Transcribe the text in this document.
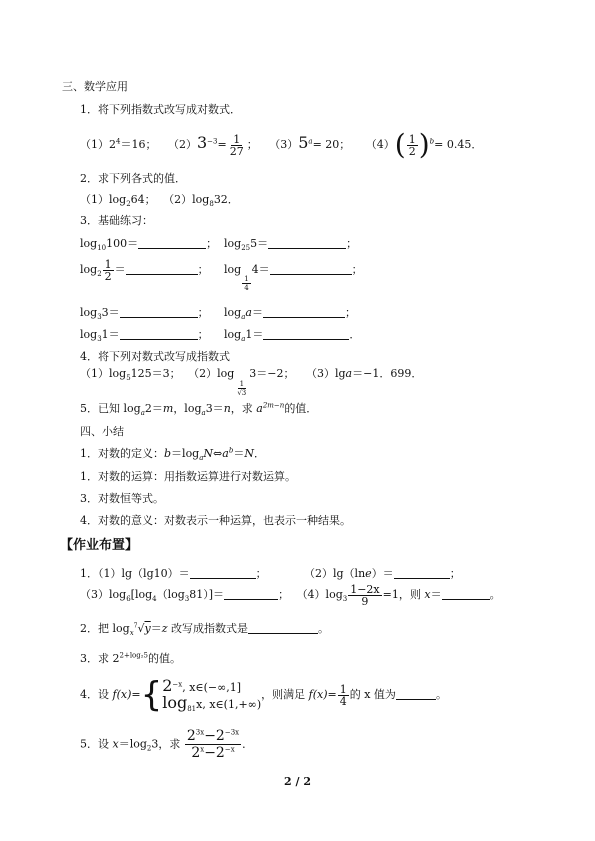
三、数学应用
1．将下列指数式改写成对数式．
$(1)2^4=16$； $(2)3^{-3}= \frac{1}{27}$ ； $(3)5^a= 20$； $(4)( \frac{1}{2} )^b= 0.45$．
2．求下列各式的值．
$(1)\log_264$； $(2)\log_832$．
3．基础练习：
$\log_{10}100=$	； $\log_{25}5=$	；
$\log_2 \frac{1}{2}$ ＝	； log
$\frac{1}{4}$
4＝	；
$\log_33=$	； $\log_aa=$	；
$\log_31=$	； $\log_a1=$	．
4．将下列对数式改写成指数式
$(1)\log_5125=3$； （2）log
$\frac{1}{√3}$
3＝−2； （3）lga＝−1．699．
5．已知 $\log_a2=m$，$\log_a3=n$，求 $a^{2m-n}$的值．
四、小结
1．对数的定义：$b=\log_aN\Leftrightarrow a^b=N$．
1．对数的运算：用指数运算进行对数运算。
3．对数恒等式。
4．对数的意义：对数表示一种运算，也表示一种结果。
【作业布置】
1．（1）lg（lg10）＝	；	（2）lg（lne）＝	；
$(3)\log_6[\log_4(\log_381)]=$	； $(4)\log_3 \frac{1-2x}{9} =1$，则 x＝	。
2．把 $\log_x^7√y=z$ 改写成指数式是	。
3．求 $2^{2+log_25}$的值。
4．设 f(x)={ $2^{-x}$, x∈(−∞,1]
$\log_{81}x$, x∈(1,+∞)
，则满足 $f(x)= \frac{1}{4}$ 的 x 值为	。
5．设 $x=\log_23$，求 $\frac{2^{3x}-2^{-3x}}{2^x-2^{-x}}$ ．
2 / 2
